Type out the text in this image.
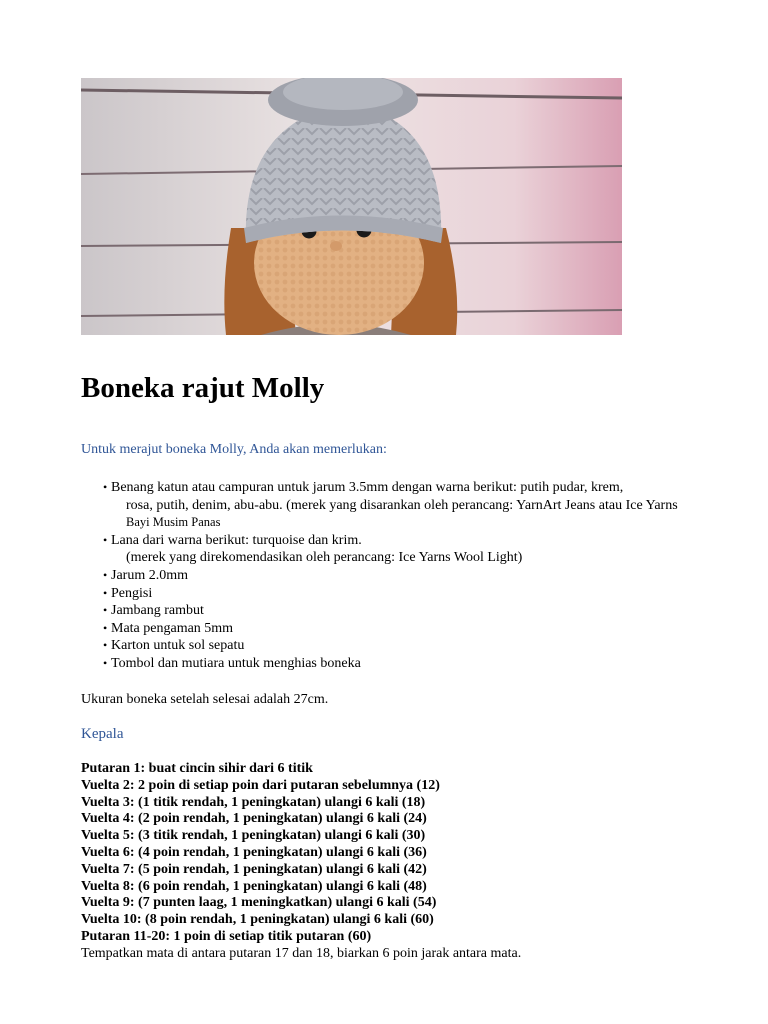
Boneka rajut Molly

Untuk merajut boneka Molly, Anda akan memerlukan:

• Benang katun atau campuran untuk jarum 3.5mm dengan warna berikut: putih pudar, krem,
rosa, putih, denim, abu-abu. (merek yang disarankan oleh perancang: YarnArt Jeans atau Ice Yarns
Bayi Musim Panas
• Lana dari warna berikut: turquoise dan krim.
(merek yang direkomendasikan oleh perancang: Ice Yarns Wool Light)
• Jarum 2.0mm
• Pengisi
• Jambang rambut
• Mata pengaman 5mm
• Karton untuk sol sepatu
• Tombol dan mutiara untuk menghias boneka

Ukuran boneka setelah selesai adalah 27cm.

Kepala
Putaran 1: buat cincin sihir dari 6 titik
Vuelta 2: 2 poin di setiap poin dari putaran sebelumnya (12)
Vuelta 3: (1 titik rendah, 1 peningkatan) ulangi 6 kali (18)
Vuelta 4: (2 poin rendah, 1 peningkatan) ulangi 6 kali (24)
Vuelta 5: (3 titik rendah, 1 peningkatan) ulangi 6 kali (30)
Vuelta 6: (4 poin rendah, 1 peningkatan) ulangi 6 kali (36)
Vuelta 7: (5 poin rendah, 1 peningkatan) ulangi 6 kali (42)
Vuelta 8: (6 poin rendah, 1 peningkatan) ulangi 6 kali (48)
Vuelta 9: (7 punten laag, 1 meningkatkan) ulangi 6 kali (54)
Vuelta 10: (8 poin rendah, 1 peningkatan) ulangi 6 kali (60)
Putaran 11-20: 1 poin di setiap titik putaran (60)
Tempatkan mata di antara putaran 17 dan 18, biarkan 6 poin jarak antara mata.
